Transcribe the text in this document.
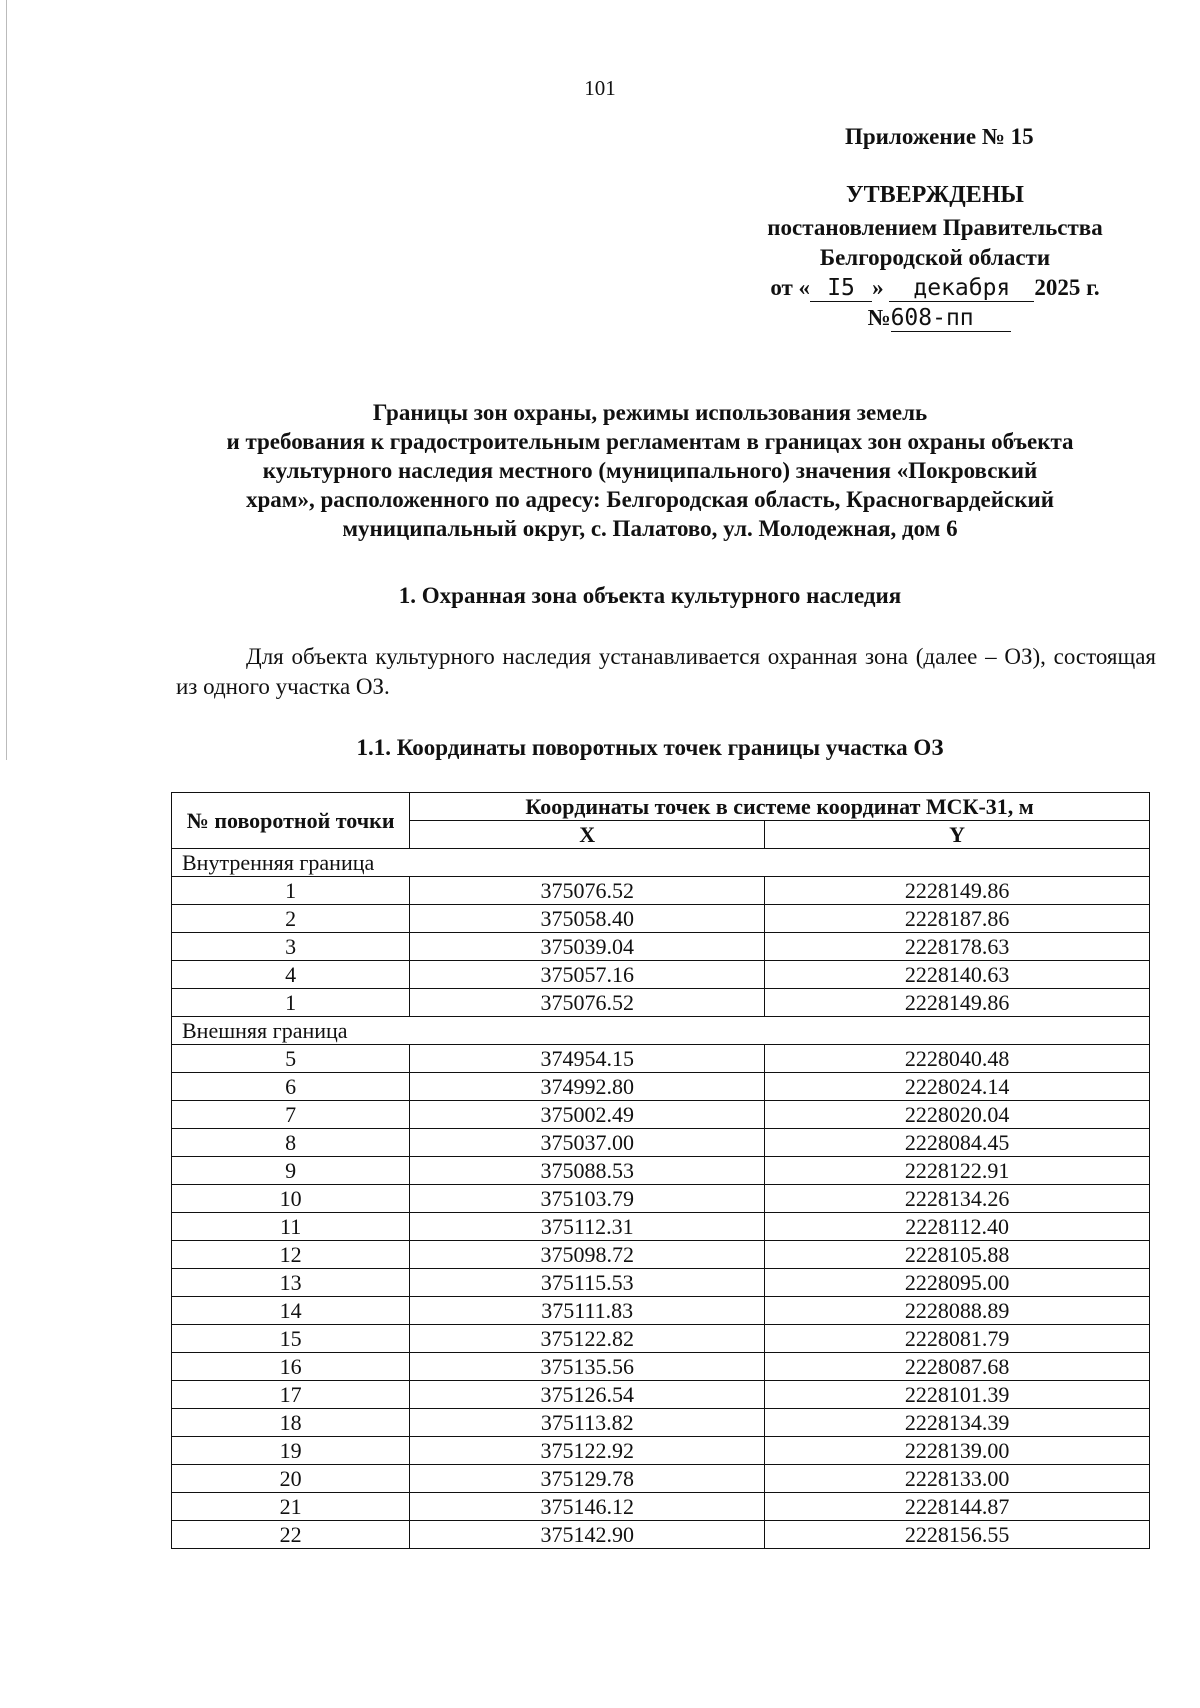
101
Приложение № 15
УТВЕРЖДЕНЫ
постановлением Правительства
Белгородской области
от « I5 » декабря 2025 г.
№608-пп
Границы зон охраны, режимы использования земель
и требования к градостроительным регламентам в границах зон охраны объекта
культурного наследия местного (муниципального) значения «Покровский
храм», расположенного по адресу: Белгородская область, Красногвардейский
муниципальный округ, с. Палатово, ул. Молодежная, дом 6
1. Охранная зона объекта культурного наследия
Для объекта культурного наследия устанавливается охранная зона (далее – ОЗ), состоящая из одного участка ОЗ.
1.1. Координаты поворотных точек границы участка ОЗ
№ поворотной точки	Координаты точек в системе координат МСК-31, м	
	X	Y
Внутренняя граница		
1	375076.52	2228149.86
2	375058.40	2228187.86
3	375039.04	2228178.63
4	375057.16	2228140.63
1	375076.52	2228149.86
Внешняя граница		
5	374954.15	2228040.48
6	374992.80	2228024.14
7	375002.49	2228020.04
8	375037.00	2228084.45
9	375088.53	2228122.91
10	375103.79	2228134.26
11	375112.31	2228112.40
12	375098.72	2228105.88
13	375115.53	2228095.00
14	375111.83	2228088.89
15	375122.82	2228081.79
16	375135.56	2228087.68
17	375126.54	2228101.39
18	375113.82	2228134.39
19	375122.92	2228139.00
20	375129.78	2228133.00
21	375146.12	2228144.87
22	375142.90	2228156.55
